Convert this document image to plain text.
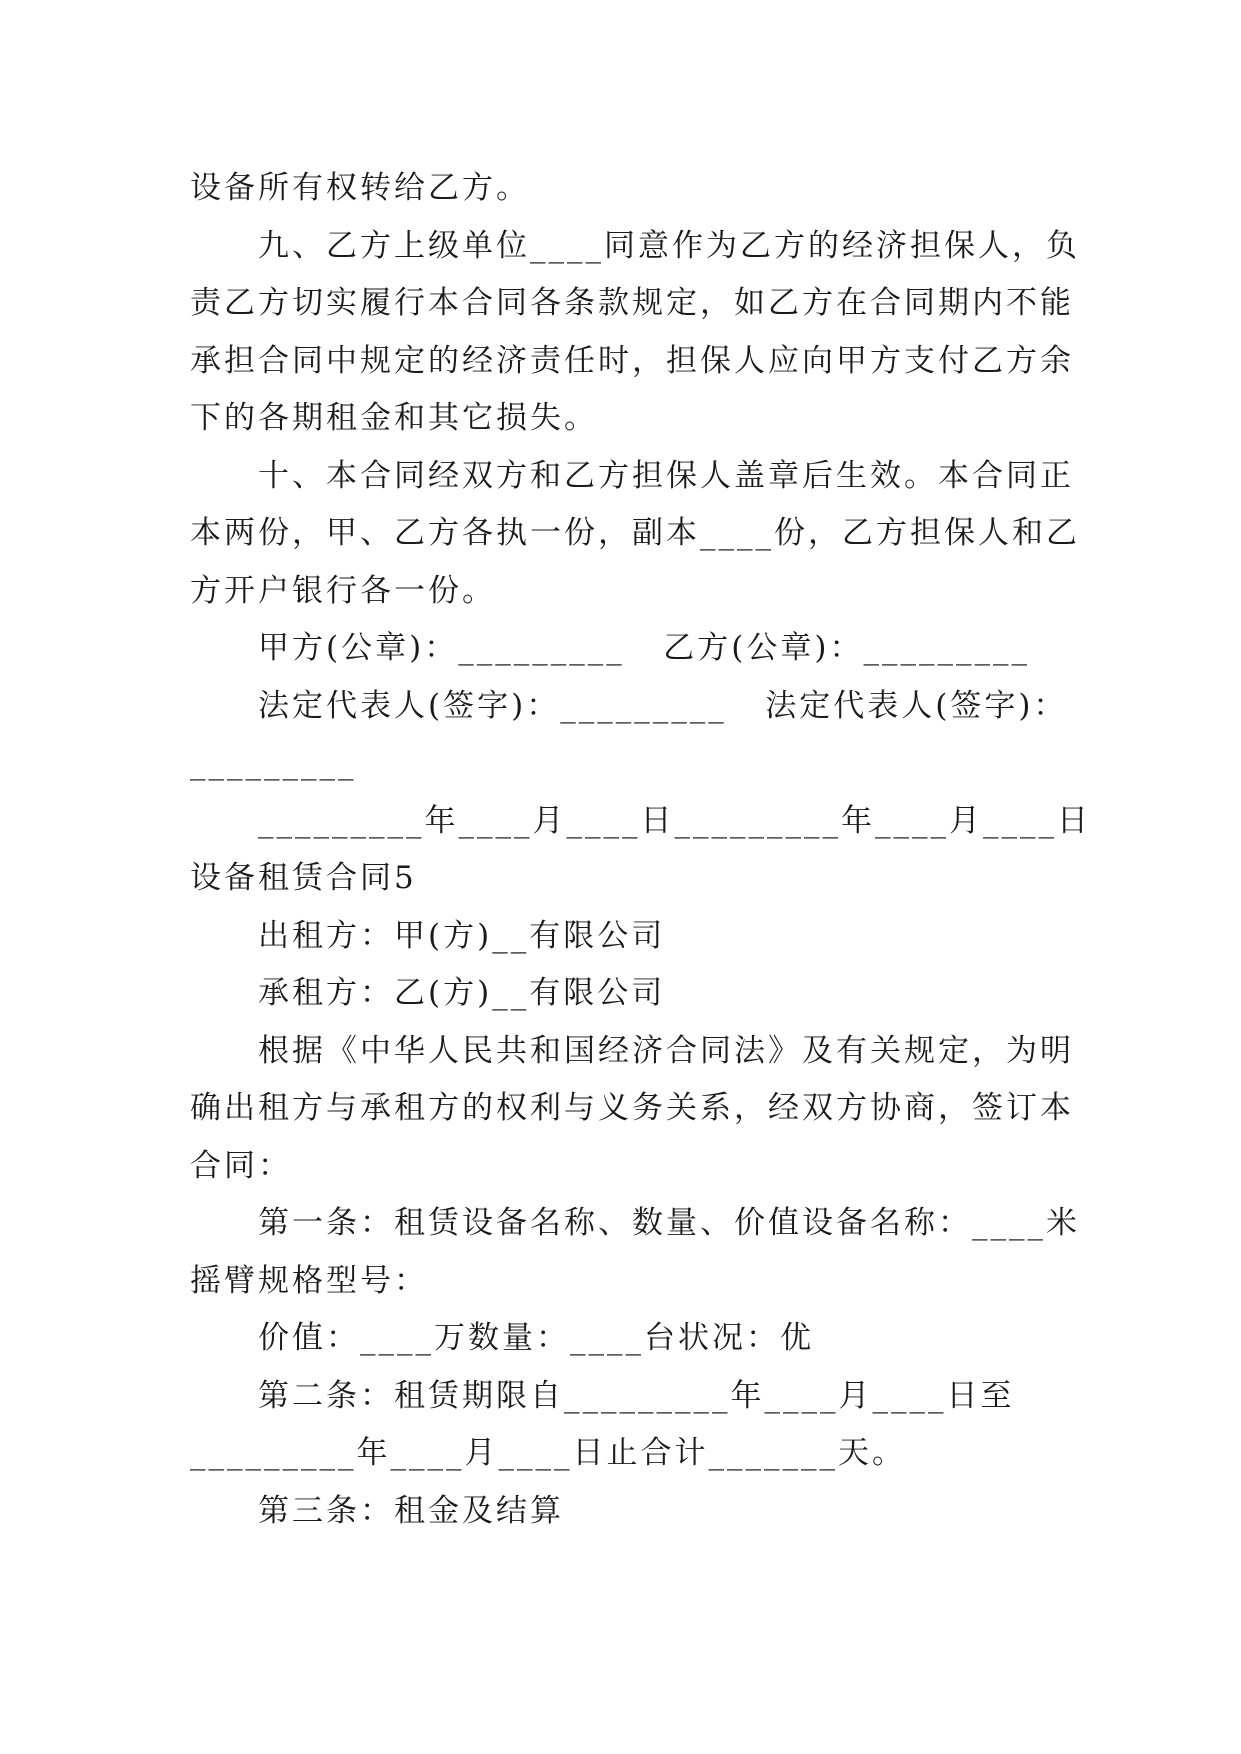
设备所有权转给乙方。
九、乙方上级单位____同意作为乙方的经济担保人，负
责乙方切实履行本合同各条款规定，如乙方在合同期内不能
承担合同中规定的经济责任时，担保人应向甲方支付乙方余
下的各期租金和其它损失。
十、本合同经双方和乙方担保人盖章后生效。本合同正
本两份，甲、乙方各执一份，副本____份，乙方担保人和乙
方开户银行各一份。
甲方(公章)：_________   乙方(公章)：_________
法定代表人(签字)：_________   法定代表人(签字)：
_________
_________年____月____日_________年____月____日
设备租赁合同5
出租方：甲(方)__有限公司
承租方：乙(方)__有限公司
根据《中华人民共和国经济合同法》及有关规定，为明
确出租方与承租方的权利与义务关系，经双方协商，签订本
合同：
第一条：租赁设备名称、数量、价值设备名称：____米
摇臂规格型号：
价值：____万数量：____台状况：优
第二条：租赁期限自_________年____月____日至
_________年____月____日止合计_______天。
第三条：租金及结算
